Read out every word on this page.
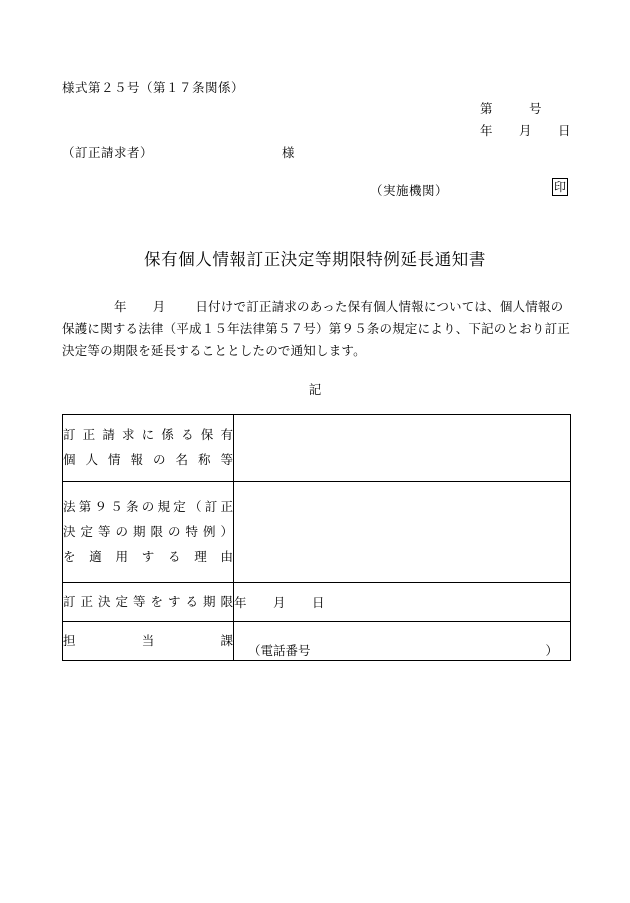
様式第２５号（第１７条関係）
第	号
年 月 日
（訂正請求者）	様
（実施機関）	印
保有個人情報訂正決定等期限特例延長通知書
年 月 日付けで訂正請求のあった保有個人情報については、個人情報の保護に関する法律（平成１５年法律第５７号）第９５条の規定により、下記のとおり訂正決定等の期限を延長することとしたので通知します。
記
訂正請求に係る保有
個人情報の名称等	

法第９５条の規定（訂正
決定等の期限の特例）
を適用する理由	

訂正決定等をする期限	年 月 日

担当課	（電話番号 ）
